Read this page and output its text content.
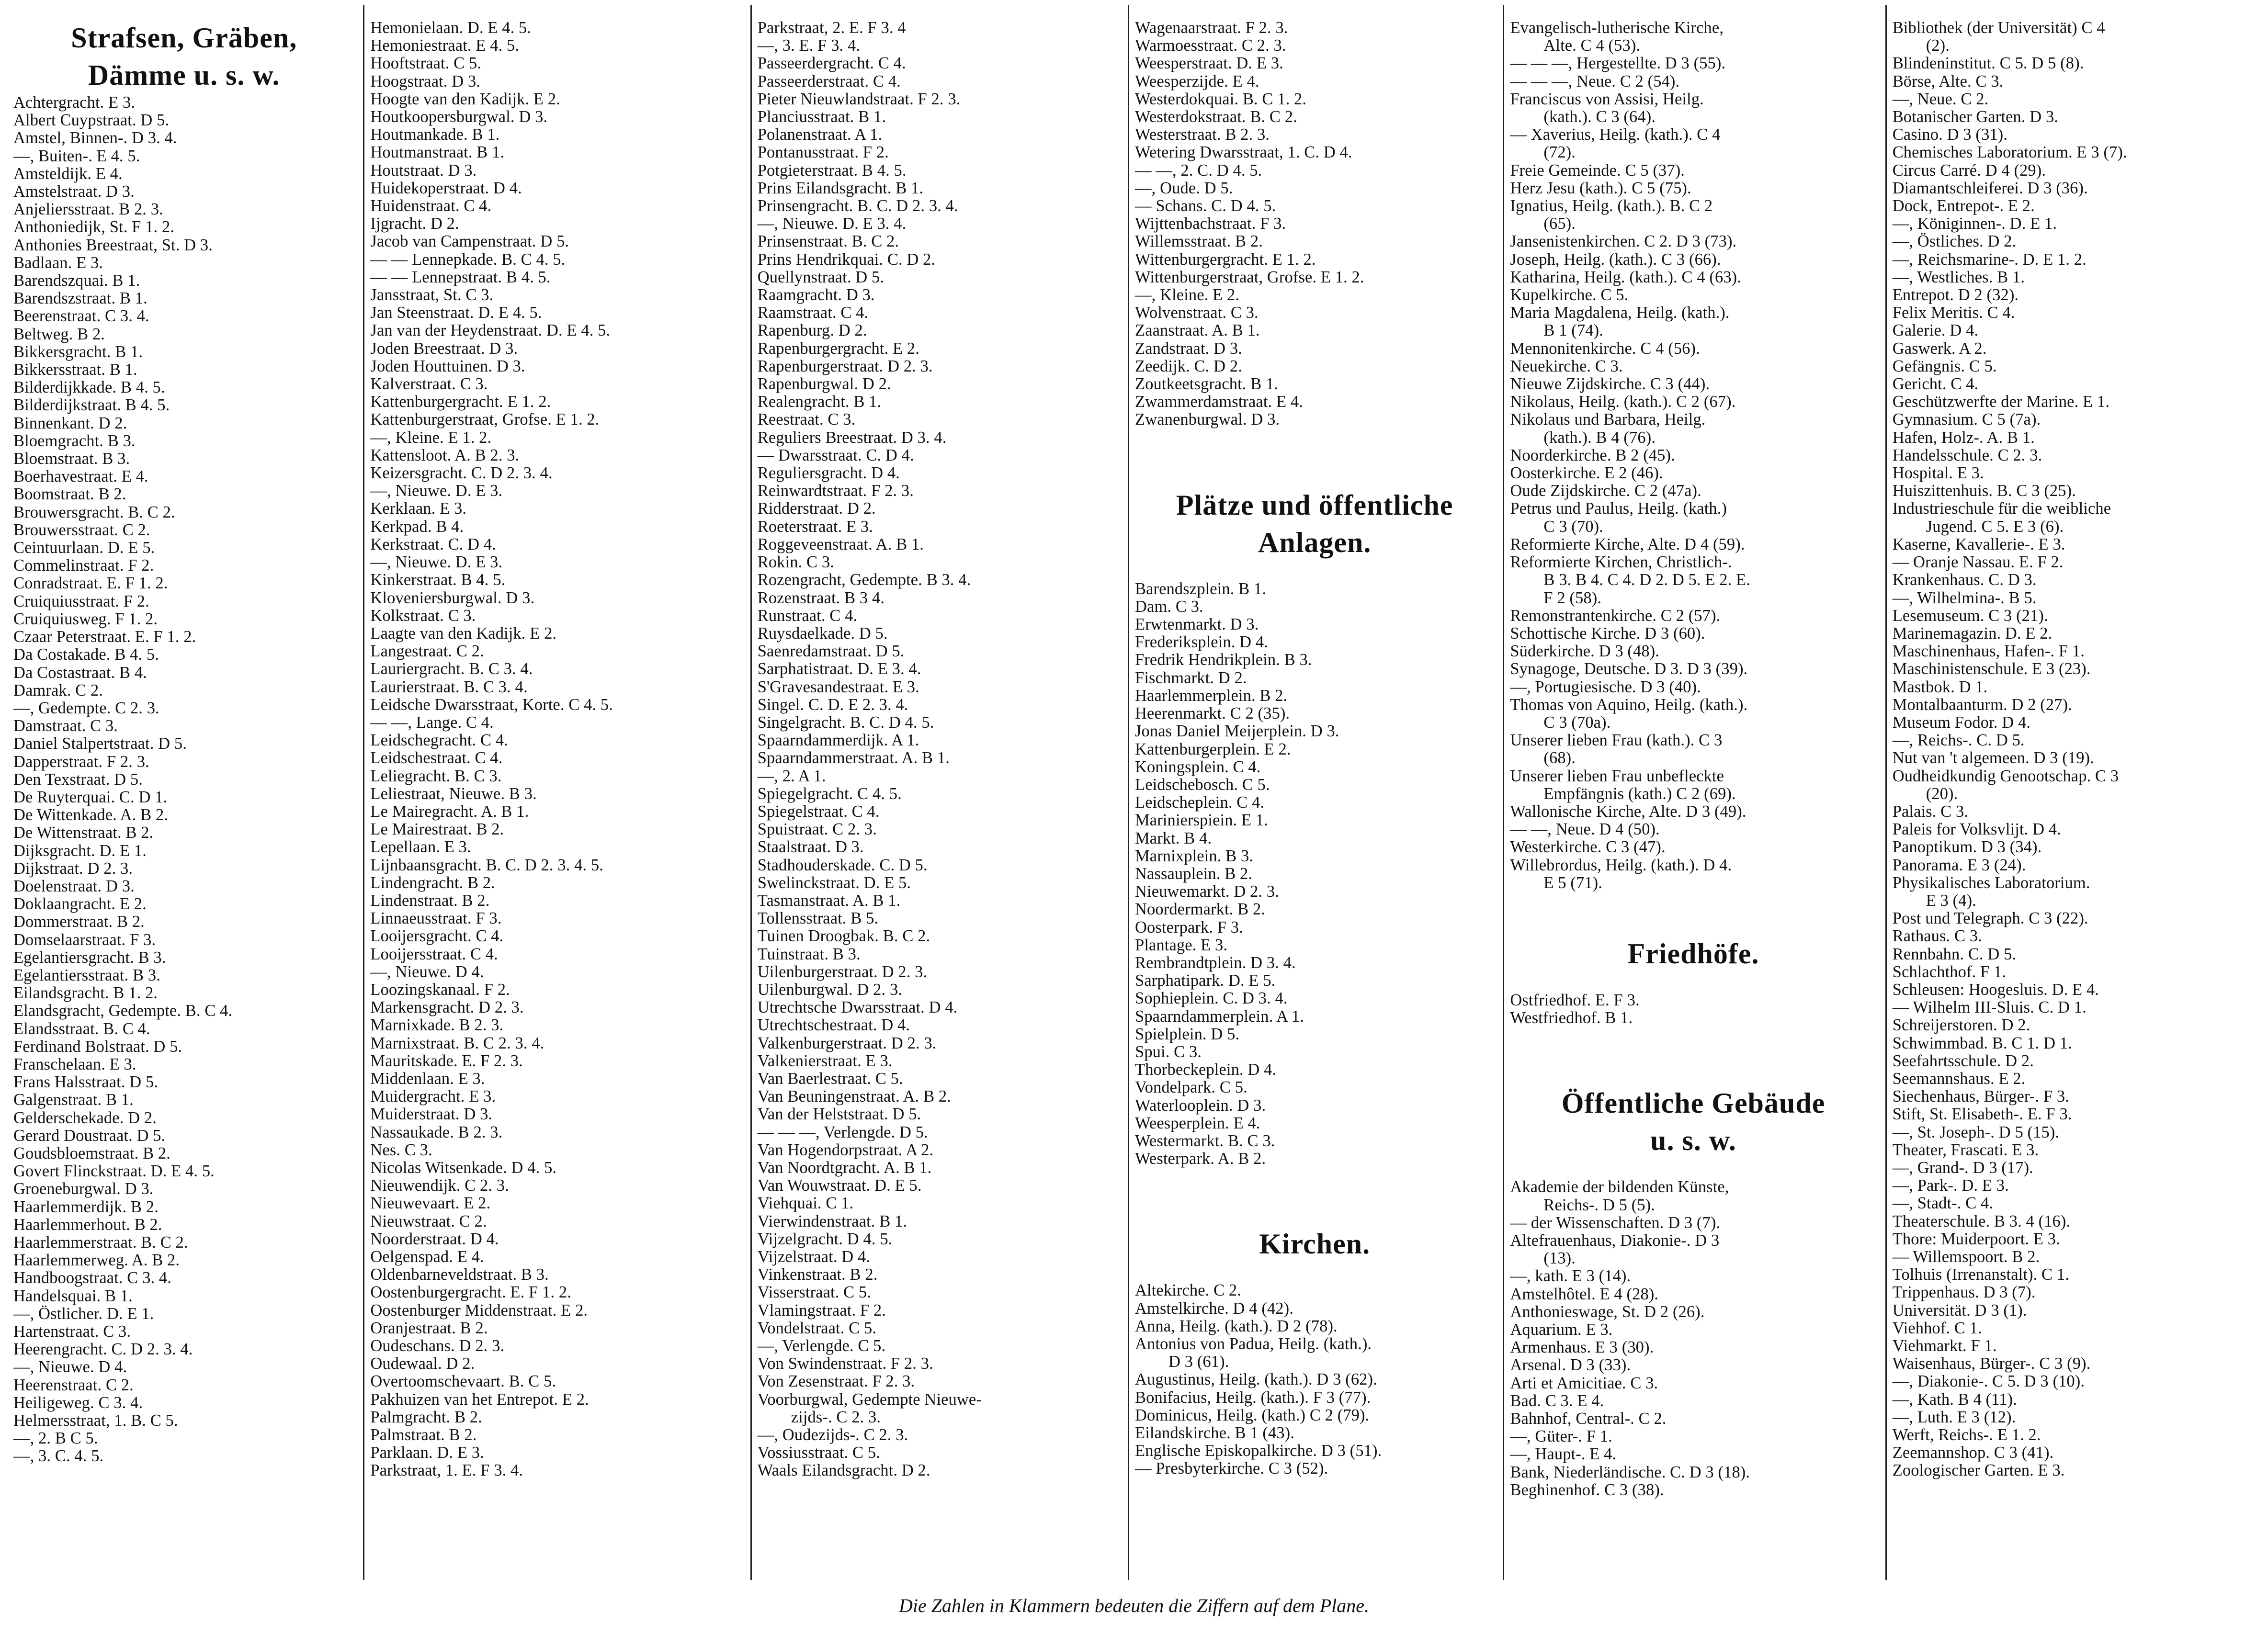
Strafsen, Gräben,
Dämme u. s. w.
Achtergracht. E 3.
Albert Cuypstraat. D 5.
Amstel, Binnen-. D 3. 4.
—, Buiten-. E 4. 5.
Amsteldijk. E 4.
Amstelstraat. D 3.
Anjeliersstraat. B 2. 3.
Anthoniedijk, St. F 1. 2.
Anthonies Breestraat, St. D 3.
Badlaan. E 3.
Barendszquai. B 1.
Barendszstraat. B 1.
Beerenstraat. C 3. 4.
Beltweg. B 2.
Bikkersgracht. B 1.
Bikkersstraat. B 1.
Bilderdijkkade. B 4. 5.
Bilderdijkstraat. B 4. 5.
Binnenkant. D 2.
Bloemgracht. B 3.
Bloemstraat. B 3.
Boerhavestraat. E 4.
Boomstraat. B 2.
Brouwersgracht. B. C 2.
Brouwersstraat. C 2.
Ceintuurlaan. D. E 5.
Commelinstraat. F 2.
Conradstraat. E. F 1. 2.
Cruiquiusstraat. F 2.
Cruiquiusweg. F 1. 2.
Czaar Peterstraat. E. F 1. 2.
Da Costakade. B 4. 5.
Da Costastraat. B 4.
Damrak. C 2.
—, Gedempte. C 2. 3.
Damstraat. C 3.
Daniel Stalpertstraat. D 5.
Dapperstraat. F 2. 3.
Den Texstraat. D 5.
De Ruyterquai. C. D 1.
De Wittenkade. A. B 2.
De Wittenstraat. B 2.
Dijksgracht. D. E 1.
Dijkstraat. D 2. 3.
Doelenstraat. D 3.
Doklaangracht. E 2.
Dommerstraat. B 2.
Domselaarstraat. F 3.
Egelantiersgracht. B 3.
Egelantiersstraat. B 3.
Eilandsgracht. B 1. 2.
Elandsgracht, Gedempte. B. C 4.
Elandsstraat. B. C 4.
Ferdinand Bolstraat. D 5.
Franschelaan. E 3.
Frans Halsstraat. D 5.
Galgenstraat. B 1.
Gelderschekade. D 2.
Gerard Doustraat. D 5.
Goudsbloemstraat. B 2.
Govert Flinckstraat. D. E 4. 5.
Groeneburgwal. D 3.
Haarlemmerdijk. B 2.
Haarlemmerhout. B 2.
Haarlemmerstraat. B. C 2.
Haarlemmerweg. A. B 2.
Handboogstraat. C 3. 4.
Handelsquai. B 1.
—, Östlicher. D. E 1.
Hartenstraat. C 3.
Heerengracht. C. D 2. 3. 4.
—, Nieuwe. D 4.
Heerenstraat. C 2.
Heiligeweg. C 3. 4.
Helmersstraat, 1. B. C 5.
—, 2. B C 5.
—, 3. C. 4. 5.
Hemonielaan. D. E 4. 5.
Hemoniestraat. E 4. 5.
Hooftstraat. C 5.
Hoogstraat. D 3.
Hoogte van den Kadijk. E 2.
Houtkoopersburgwal. D 3.
Houtmankade. B 1.
Houtmanstraat. B 1.
Houtstraat. D 3.
Huidekoperstraat. D 4.
Huidenstraat. C 4.
Ijgracht. D 2.
Jacob van Campenstraat. D 5.
— — Lennepkade. B. C 4. 5.
— — Lennepstraat. B 4. 5.
Jansstraat, St. C 3.
Jan Steenstraat. D. E 4. 5.
Jan van der Heydenstraat. D. E 4. 5.
Joden Breestraat. D 3.
Joden Houttuinen. D 3.
Kalverstraat. C 3.
Kattenburgergracht. E 1. 2.
Kattenburgerstraat, Grofse. E 1. 2.
—, Kleine. E 1. 2.
Kattensloot. A. B 2. 3.
Keizersgracht. C. D 2. 3. 4.
—, Nieuwe. D. E 3.
Kerklaan. E 3.
Kerkpad. B 4.
Kerkstraat. C. D 4.
—, Nieuwe. D. E 3.
Kinkerstraat. B 4. 5.
Kloveniersburgwal. D 3.
Kolkstraat. C 3.
Laagte van den Kadijk. E 2.
Langestraat. C 2.
Lauriergracht. B. C 3. 4.
Laurierstraat. B. C 3. 4.
Leidsche Dwarsstraat, Korte. C 4. 5.
— —, Lange. C 4.
Leidschegracht. C 4.
Leidschestraat. C 4.
Leliegracht. B. C 3.
Leliestraat, Nieuwe. B 3.
Le Mairegracht. A. B 1.
Le Mairestraat. B 2.
Lepellaan. E 3.
Lijnbaansgracht. B. C. D 2. 3. 4. 5.
Lindengracht. B 2.
Lindenstraat. B 2.
Linnaeusstraat. F 3.
Looijersgracht. C 4.
Looijersstraat. C 4.
—, Nieuwe. D 4.
Loozingskanaal. F 2.
Markensgracht. D 2. 3.
Marnixkade. B 2. 3.
Marnixstraat. B. C 2. 3. 4.
Mauritskade. E. F 2. 3.
Middenlaan. E 3.
Muidergracht. E 3.
Muiderstraat. D 3.
Nassaukade. B 2. 3.
Nes. C 3.
Nicolas Witsenkade. D 4. 5.
Nieuwendijk. C 2. 3.
Nieuwevaart. E 2.
Nieuwstraat. C 2.
Noorderstraat. D 4.
Oelgenspad. E 4.
Oldenbarneveldstraat. B 3.
Oostenburgergracht. E. F 1. 2.
Oostenburger Middenstraat. E 2.
Oranjestraat. B 2.
Oudeschans. D 2. 3.
Oudewaal. D 2.
Overtoomschevaart. B. C 5.
Pakhuizen van het Entrepot. E 2.
Palmgracht. B 2.
Palmstraat. B 2.
Parklaan. D. E 3.
Parkstraat, 1. E. F 3. 4.
Parkstraat, 2. E. F 3. 4
—, 3. E. F 3. 4.
Passeerdergracht. C 4.
Passeerderstraat. C 4.
Pieter Nieuwlandstraat. F 2. 3.
Planciusstraat. B 1.
Polanenstraat. A 1.
Pontanusstraat. F 2.
Potgieterstraat. B 4. 5.
Prins Eilandsgracht. B 1.
Prinsengracht. B. C. D 2. 3. 4.
—, Nieuwe. D. E 3. 4.
Prinsenstraat. B. C 2.
Prins Hendrikquai. C. D 2.
Quellynstraat. D 5.
Raamgracht. D 3.
Raamstraat. C 4.
Rapenburg. D 2.
Rapenburgergracht. E 2.
Rapenburgerstraat. D 2. 3.
Rapenburgwal. D 2.
Realengracht. B 1.
Reestraat. C 3.
Reguliers Breestraat. D 3. 4.
— Dwarsstraat. C. D 4.
Reguliersgracht. D 4.
Reinwardtstraat. F 2. 3.
Ridderstraat. D 2.
Roeterstraat. E 3.
Roggeveenstraat. A. B 1.
Rokin. C 3.
Rozengracht, Gedempte. B 3. 4.
Rozenstraat. B 3 4.
Runstraat. C 4.
Ruysdaelkade. D 5.
Saenredamstraat. D 5.
Sarphatistraat. D. E 3. 4.
S'Gravesandestraat. E 3.
Singel. C. D. E 2. 3. 4.
Singelgracht. B. C. D 4. 5.
Spaarndammerdijk. A 1.
Spaarndammerstraat. A. B 1.
—, 2. A 1.
Spiegelgracht. C 4. 5.
Spiegelstraat. C 4.
Spuistraat. C 2. 3.
Staalstraat. D 3.
Stadhouderskade. C. D 5.
Swelinckstraat. D. E 5.
Tasmanstraat. A. B 1.
Tollensstraat. B 5.
Tuinen Droogbak. B. C 2.
Tuinstraat. B 3.
Uilenburgerstraat. D 2. 3.
Uilenburgwal. D 2. 3.
Utrechtsche Dwarsstraat. D 4.
Utrechtschestraat. D 4.
Valkenburgerstraat. D 2. 3.
Valkenierstraat. E 3.
Van Baerlestraat. C 5.
Van Beuningenstraat. A. B 2.
Van der Helststraat. D 5.
— — —, Verlengde. D 5.
Van Hogendorpstraat. A 2.
Van Noordtgracht. A. B 1.
Van Wouwstraat. D. E 5.
Viehquai. C 1.
Vierwindenstraat. B 1.
Vijzelgracht. D 4. 5.
Vijzelstraat. D 4.
Vinkenstraat. B 2.
Visserstraat. C 5.
Vlamingstraat. F 2.
Vondelstraat. C 5.
—, Verlengde. C 5.
Von Swindenstraat. F 2. 3.
Von Zesenstraat. F 2. 3.
Voorburgwal, Gedempte Nieuwe-
zijds-. C 2. 3.
—, Oudezijds-. C 2. 3.
Vossiusstraat. C 5.
Waals Eilandsgracht. D 2.
Wagenaarstraat. F 2. 3.
Warmoesstraat. C 2. 3.
Weesperstraat. D. E 3.
Weesperzijde. E 4.
Westerdokquai. B. C 1. 2.
Westerdokstraat. B. C 2.
Westerstraat. B 2. 3.
Wetering Dwarsstraat, 1. C. D 4.
— —, 2. C. D 4. 5.
—, Oude. D 5.
— Schans. C. D 4. 5.
Wijttenbachstraat. F 3.
Willemsstraat. B 2.
Wittenburgergracht. E 1. 2.
Wittenburgerstraat, Grofse. E 1. 2.
—, Kleine. E 2.
Wolvenstraat. C 3.
Zaanstraat. A. B 1.
Zandstraat. D 3.
Zeedijk. C. D 2.
Zoutkeetsgracht. B 1.
Zwammerdamstraat. E 4.
Zwanenburgwal. D 3.
Plätze und öffentliche
Anlagen.
Barendszplein. B 1.
Dam. C 3.
Erwtenmarkt. D 3.
Frederiksplein. D 4.
Fredrik Hendrikplein. B 3.
Fischmarkt. D 2.
Haarlemmerplein. B 2.
Heerenmarkt. C 2 (35).
Jonas Daniel Meijerplein. D 3.
Kattenburgerplein. E 2.
Koningsplein. C 4.
Leidschebosch. C 5.
Leidscheplein. C 4.
Marinierspiein. E 1.
Markt. B 4.
Marnixplein. B 3.
Nassauplein. B 2.
Nieuwemarkt. D 2. 3.
Noordermarkt. B 2.
Oosterpark. F 3.
Plantage. E 3.
Rembrandtplein. D 3. 4.
Sarphatipark. D. E 5.
Sophieplein. C. D 3. 4.
Spaarndammerplein. A 1.
Spielplein. D 5.
Spui. C 3.
Thorbeckeplein. D 4.
Vondelpark. C 5.
Waterlooplein. D 3.
Weesperplein. E 4.
Westermarkt. B. C 3.
Westerpark. A. B 2.
Kirchen.
Altekirche. C 2.
Amstelkirche. D 4 (42).
Anna, Heilg. (kath.). D 2 (78).
Antonius von Padua, Heilg. (kath.).
D 3 (61).
Augustinus, Heilg. (kath.). D 3 (62).
Bonifacius, Heilg. (kath.). F 3 (77).
Dominicus, Heilg. (kath.) C 2 (79).
Eilandskirche. B 1 (43).
Englische Episkopalkirche. D 3 (51).
— Presbyterkirche. C 3 (52).
Evangelisch-lutherische Kirche,
Alte. C 4 (53).
— — —, Hergestellte. D 3 (55).
— — —, Neue. C 2 (54).
Franciscus von Assisi, Heilg.
(kath.). C 3 (64).
— Xaverius, Heilg. (kath.). C 4
(72).
Freie Gemeinde. C 5 (37).
Herz Jesu (kath.). C 5 (75).
Ignatius, Heilg. (kath.). B. C 2
(65).
Jansenistenkirchen. C 2. D 3 (73).
Joseph, Heilg. (kath.). C 3 (66).
Katharina, Heilg. (kath.). C 4 (63).
Kupelkirche. C 5.
Maria Magdalena, Heilg. (kath.).
B 1 (74).
Mennonitenkirche. C 4 (56).
Neuekirche. C 3.
Nieuwe Zijdskirche. C 3 (44).
Nikolaus, Heilg. (kath.). C 2 (67).
Nikolaus und Barbara, Heilg.
(kath.). B 4 (76).
Noorderkirche. B 2 (45).
Oosterkirche. E 2 (46).
Oude Zijdskirche. C 2 (47a).
Petrus und Paulus, Heilg. (kath.)
C 3 (70).
Reformierte Kirche, Alte. D 4 (59).
Reformierte Kirchen, Christlich-.
B 3. B 4. C 4. D 2. D 5. E 2. E.
F 2 (58).
Remonstrantenkirche. C 2 (57).
Schottische Kirche. D 3 (60).
Süderkirche. D 3 (48).
Synagoge, Deutsche. D 3. D 3 (39).
—, Portugiesische. D 3 (40).
Thomas von Aquino, Heilg. (kath.).
C 3 (70a).
Unserer lieben Frau (kath.). C 3
(68).
Unserer lieben Frau unbefleckte
Empfängnis (kath.) C 2 (69).
Wallonische Kirche, Alte. D 3 (49).
— —, Neue. D 4 (50).
Westerkirche. C 3 (47).
Willebrordus, Heilg. (kath.). D 4.
E 5 (71).
Friedhöfe.
Ostfriedhof. E. F 3.
Westfriedhof. B 1.
Öffentliche Gebäude
u. s. w.
Akademie der bildenden Künste,
Reichs-. D 5 (5).
— der Wissenschaften. D 3 (7).
Altefrauenhaus, Diakonie-. D 3
(13).
—, kath. E 3 (14).
Amstelhôtel. E 4 (28).
Anthonieswage, St. D 2 (26).
Aquarium. E 3.
Armenhaus. E 3 (30).
Arsenal. D 3 (33).
Arti et Amicitiae. C 3.
Bad. C 3. E 4.
Bahnhof, Central-. C 2.
—, Güter-. F 1.
—, Haupt-. E 4.
Bank, Niederländische. C. D 3 (18).
Beghinenhof. C 3 (38).
Bibliothek (der Universität) C 4
(2).
Blindeninstitut. C 5. D 5 (8).
Börse, Alte. C 3.
—, Neue. C 2.
Botanischer Garten. D 3.
Casino. D 3 (31).
Chemisches Laboratorium. E 3 (7).
Circus Carré. D 4 (29).
Diamantschleiferei. D 3 (36).
Dock, Entrepot-. E 2.
—, Königinnen-. D. E 1.
—, Östliches. D 2.
—, Reichsmarine-. D. E 1. 2.
—, Westliches. B 1.
Entrepot. D 2 (32).
Felix Meritis. C 4.
Galerie. D 4.
Gaswerk. A 2.
Gefängnis. C 5.
Gericht. C 4.
Geschützwerfte der Marine. E 1.
Gymnasium. C 5 (7a).
Hafen, Holz-. A. B 1.
Handelsschule. C 2. 3.
Hospital. E 3.
Huiszittenhuis. B. C 3 (25).
Industrieschule für die weibliche
Jugend. C 5. E 3 (6).
Kaserne, Kavallerie-. E 3.
— Oranje Nassau. E. F 2.
Krankenhaus. C. D 3.
—, Wilhelmina-. B 5.
Lesemuseum. C 3 (21).
Marinemagazin. D. E 2.
Maschinenhaus, Hafen-. F 1.
Maschinistenschule. E 3 (23).
Mastbok. D 1.
Montalbaanturm. D 2 (27).
Museum Fodor. D 4.
—, Reichs-. C. D 5.
Nut van 't algemeen. D 3 (19).
Oudheidkundig Genootschap. C 3
(20).
Palais. C 3.
Paleis for Volksvlijt. D 4.
Panoptikum. D 3 (34).
Panorama. E 3 (24).
Physikalisches Laboratorium.
E 3 (4).
Post und Telegraph. C 3 (22).
Rathaus. C 3.
Rennbahn. C. D 5.
Schlachthof. F 1.
Schleusen: Hoogesluis. D. E 4.
— Wilhelm III-Sluis. C. D 1.
Schreijerstoren. D 2.
Schwimmbad. B. C 1. D 1.
Seefahrtsschule. D 2.
Seemannshaus. E 2.
Siechenhaus, Bürger-. F 3.
Stift, St. Elisabeth-. E. F 3.
—, St. Joseph-. D 5 (15).
Theater, Frascati. E 3.
—, Grand-. D 3 (17).
—, Park-. D. E 3.
—, Stadt-. C 4.
Theaterschule. B 3. 4 (16).
Thore: Muiderpoort. E 3.
— Willemspoort. B 2.
Tolhuis (Irrenanstalt). C 1.
Trippenhaus. D 3 (7).
Universität. D 3 (1).
Viehhof. C 1.
Viehmarkt. F 1.
Waisenhaus, Bürger-. C 3 (9).
—, Diakonie-. C 5. D 3 (10).
—, Kath. B 4 (11).
—, Luth. E 3 (12).
Werft, Reichs-. E 1. 2.
Zeemannshop. C 3 (41).
Zoologischer Garten. E 3.
Die Zahlen in Klammern bedeuten die Ziffern auf dem Plane.
